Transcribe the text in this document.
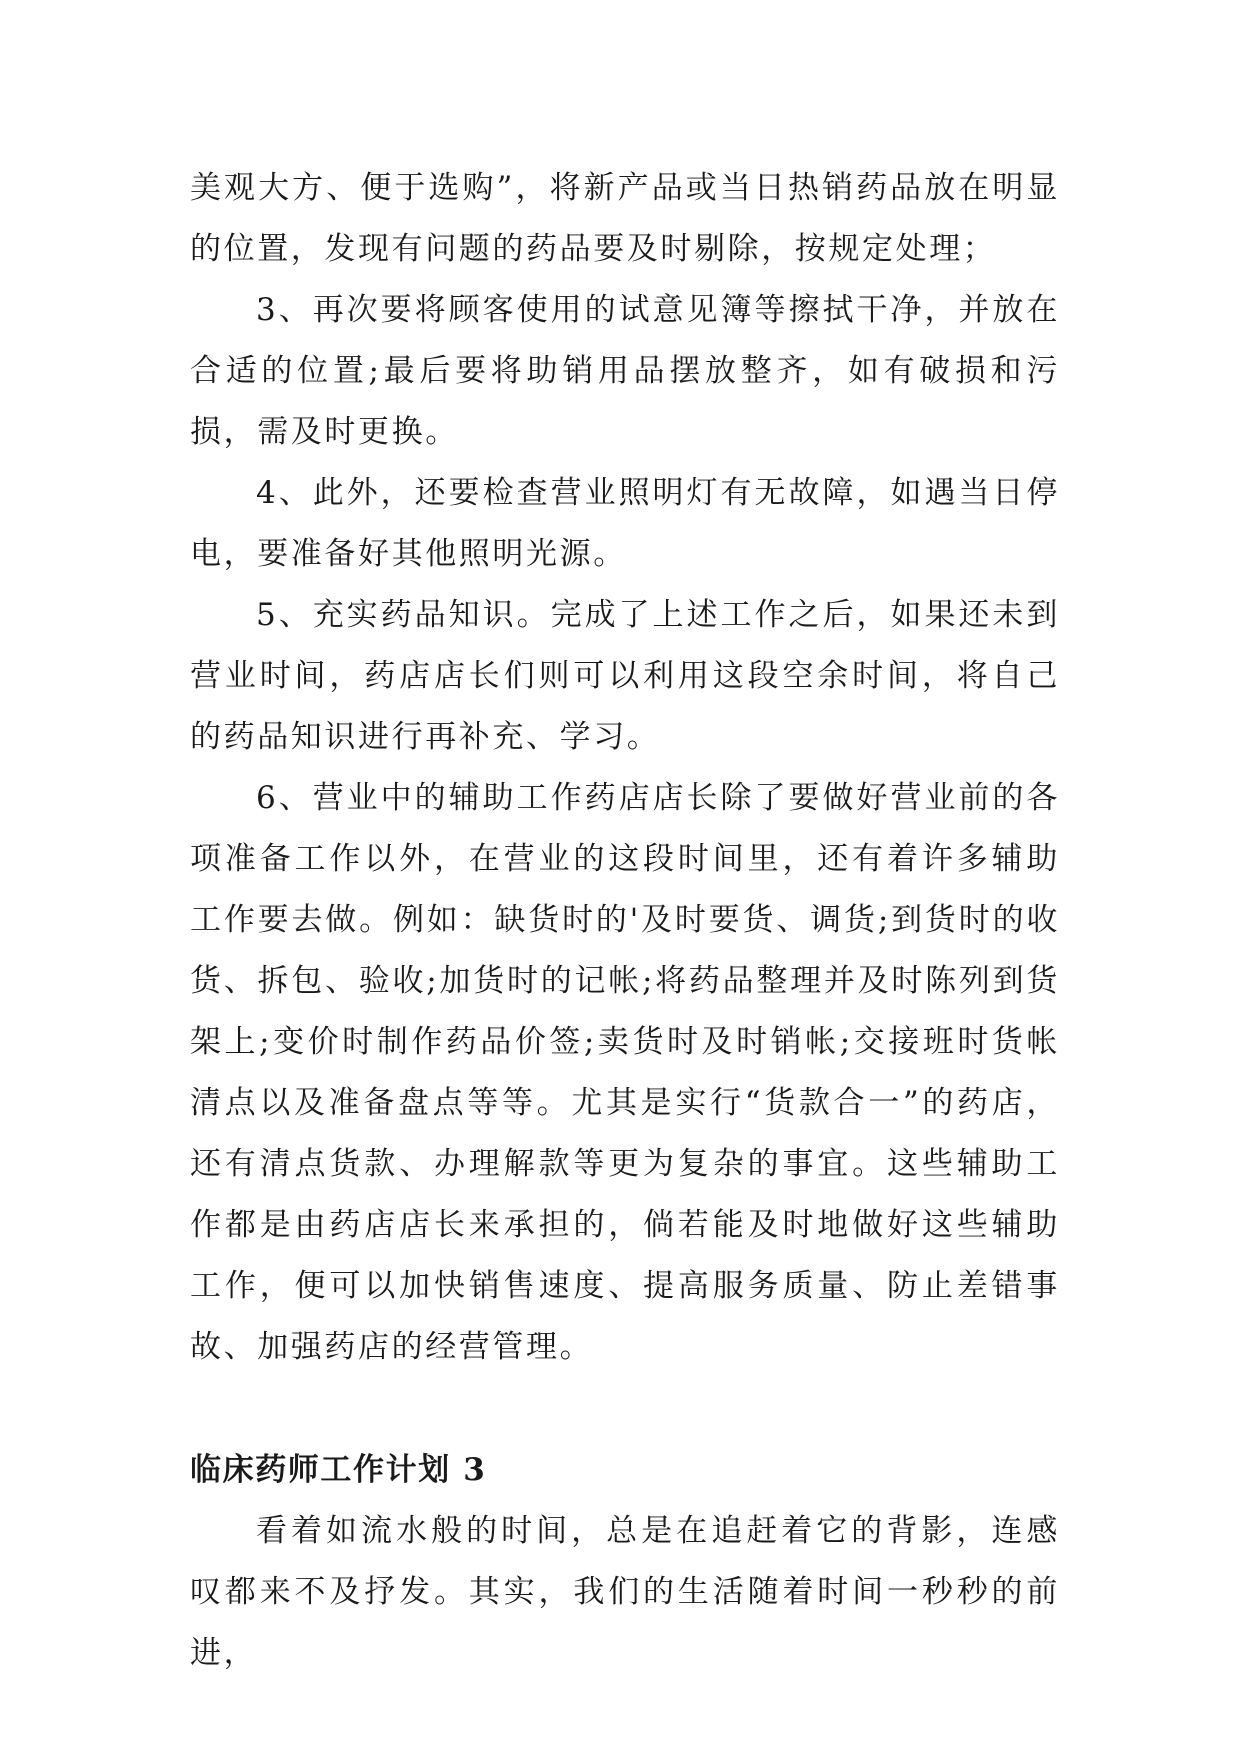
美观大方、便于选购”，将新产品或当日热销药品放在明显的位置，发现有问题的药品要及时剔除，按规定处理；

3、再次要将顾客使用的试意见簿等擦拭干净，并放在合适的位置;最后要将助销用品摆放整齐，如有破损和污损，需及时更换。

4、此外，还要检查营业照明灯有无故障，如遇当日停电，要准备好其他照明光源。

5、充实药品知识。完成了上述工作之后，如果还未到营业时间，药店店长们则可以利用这段空余时间，将自己的药品知识进行再补充、学习。

6、营业中的辅助工作药店店长除了要做好营业前的各项准备工作以外，在营业的这段时间里，还有着许多辅助工作要去做。例如：缺货时的'及时要货、调货;到货时的收货、拆包、验收;加货时的记帐;将药品整理并及时陈列到货架上;变价时制作药品价签;卖货时及时销帐;交接班时货帐清点以及准备盘点等等。尤其是实行“货款合一”的药店，还有清点货款、办理解款等更为复杂的事宜。这些辅助工作都是由药店店长来承担的，倘若能及时地做好这些辅助工作，便可以加快销售速度、提高服务质量、防止差错事故、加强药店的经营管理。

临床药师工作计划 3

看着如流水般的时间，总是在追赶着它的背影，连感叹都来不及抒发。其实，我们的生活随着时间一秒秒的前进，
